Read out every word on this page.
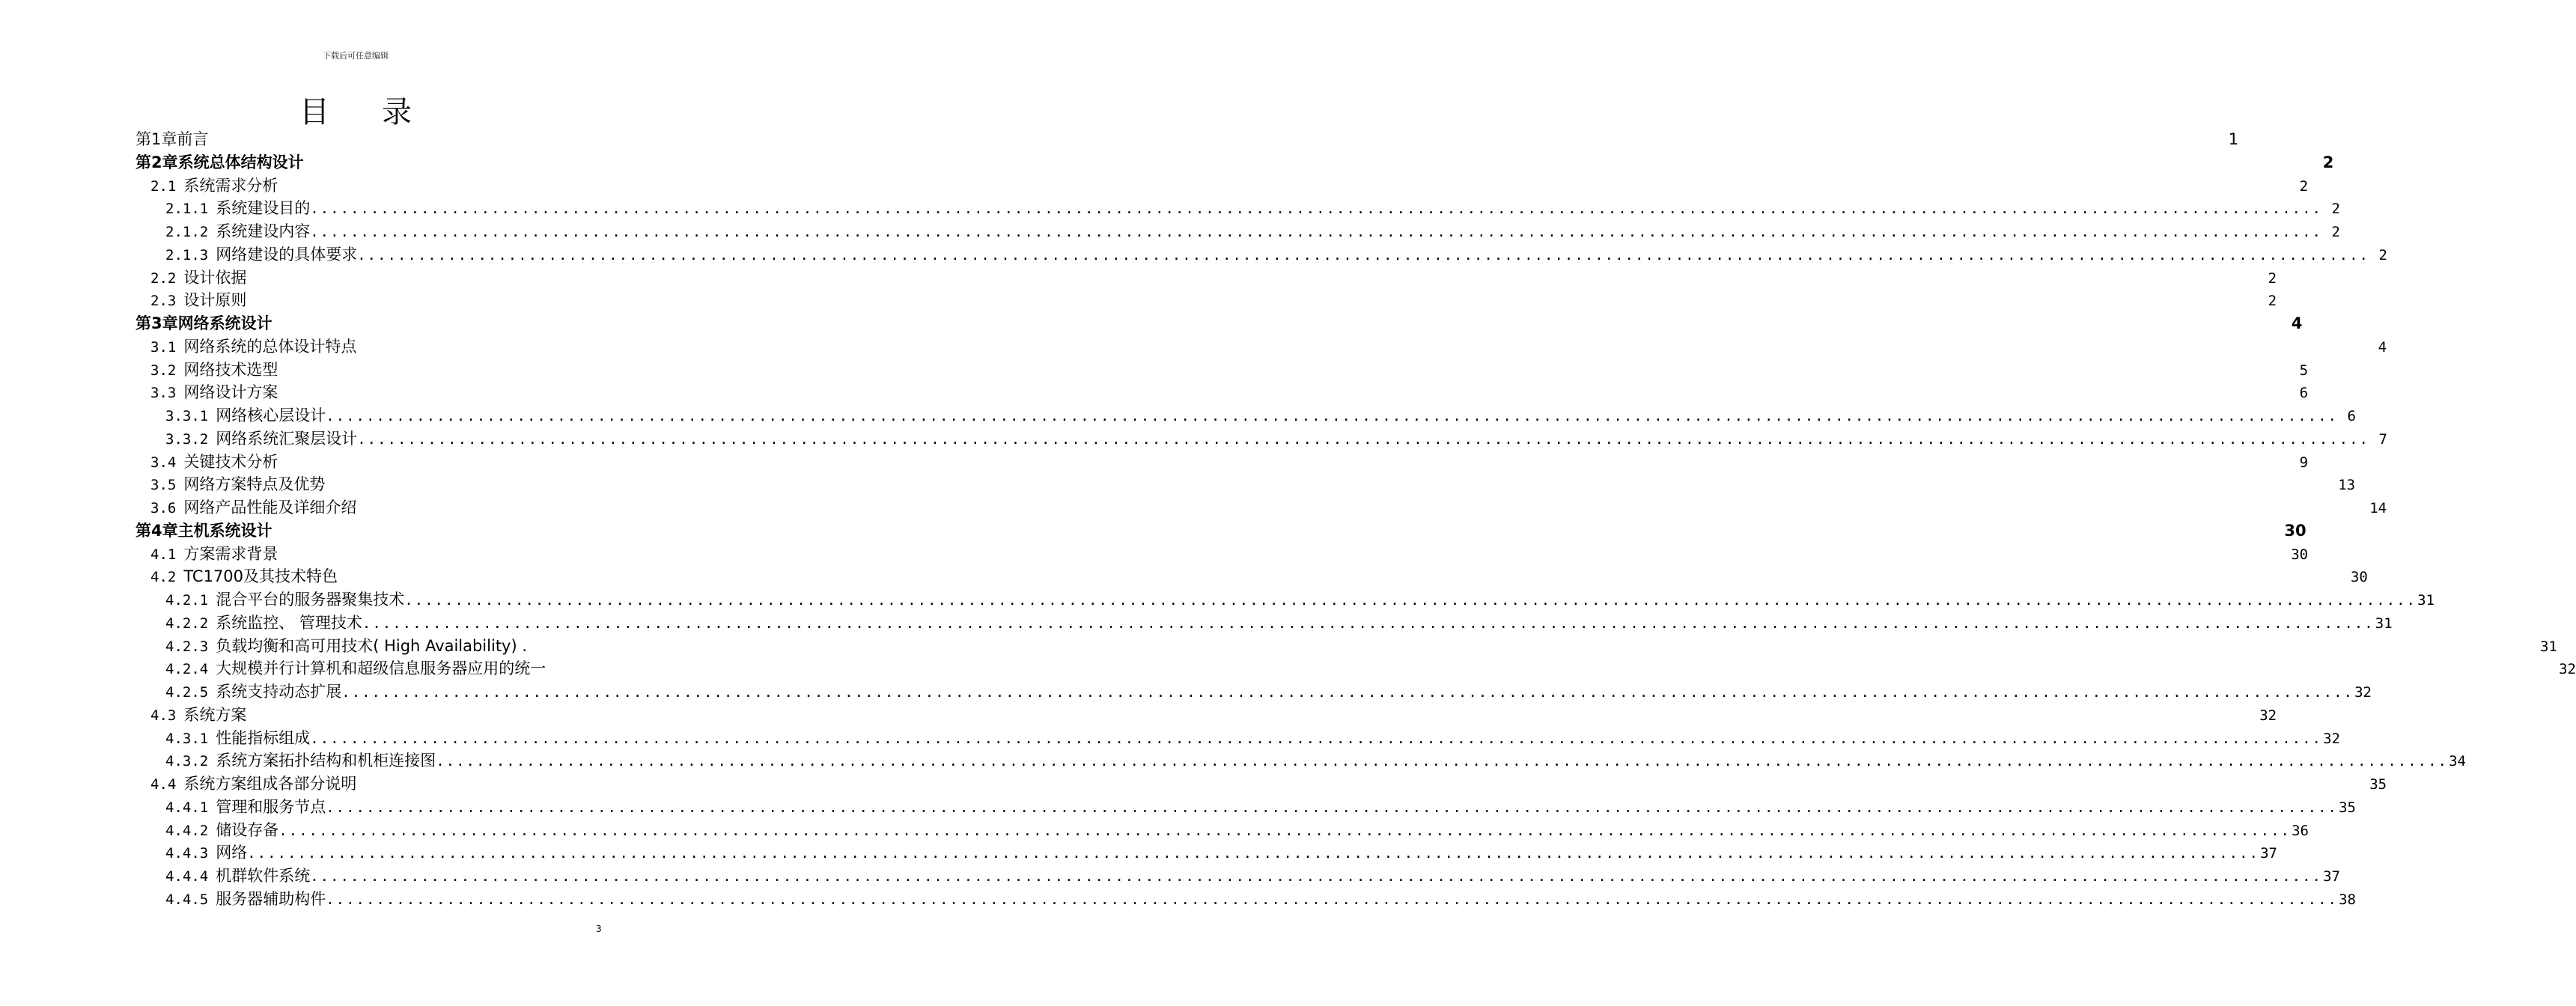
下载后可任意编辑
目录
第1章 前言	1
第2章 系统总体结构设计	2
2.1 系统需求分析	2
2.1.1 系统建设目的 ........................................................................................................................................................................................................ 2
2.1.2 系统建设内容 ........................................................................................................................................................................................................ 2
2.1.3 网络建设的具体要求 ........................................................................................................................................................................................................ 2
2.2 设计依据	2
2.3 设计原则	2
第3章 网络系统设计	4
3.1 网络系统的总体设计特点	4
3.2 网络技术选型	5
3.3 网络设计方案	6
3.3.1 网络核心层设计 ........................................................................................................................................................................................................ 6
3.3.2 网络系统汇聚层设计 ........................................................................................................................................................................................................ 7
3.4 关键技术分析	9
3.5 网络方案特点及优势	13
3.6 网络产品性能及详细介绍	14
第4章 主机系统设计	30
4.1 方案需求背景	30
4.2 TC1700及其技术特色	30
4.2.1 混合平台的服务器聚集技术 ........................................................................................................................................................................................................ 31
4.2.2 系统监控、 管理技术 ........................................................................................................................................................................................................ 31
4.2.3 负载均衡和高可用技术( High Availability) .	31
4.2.4 大规模并行计算机和超级信息服务器应用的统一	32
4.2.5 系统支持动态扩展 ........................................................................................................................................................................................................ 32
4.3 系统方案	32
4.3.1 性能指标组成 ........................................................................................................................................................................................................ 32
4.3.2 系统方案拓扑结构和机柜连接图 ........................................................................................................................................................................................................ 34
4.4 系统方案组成各部分说明	35
4.4.1 管理和服务节点 ........................................................................................................................................................................................................ 35
4.4.2 储设存备 ........................................................................................................................................................................................................ 36
4.4.3 网络 ........................................................................................................................................................................................................ 37
4.4.4 机群软件系统 ........................................................................................................................................................................................................ 37
4.4.5 服务器辅助构件 ........................................................................................................................................................................................................ 38
3
